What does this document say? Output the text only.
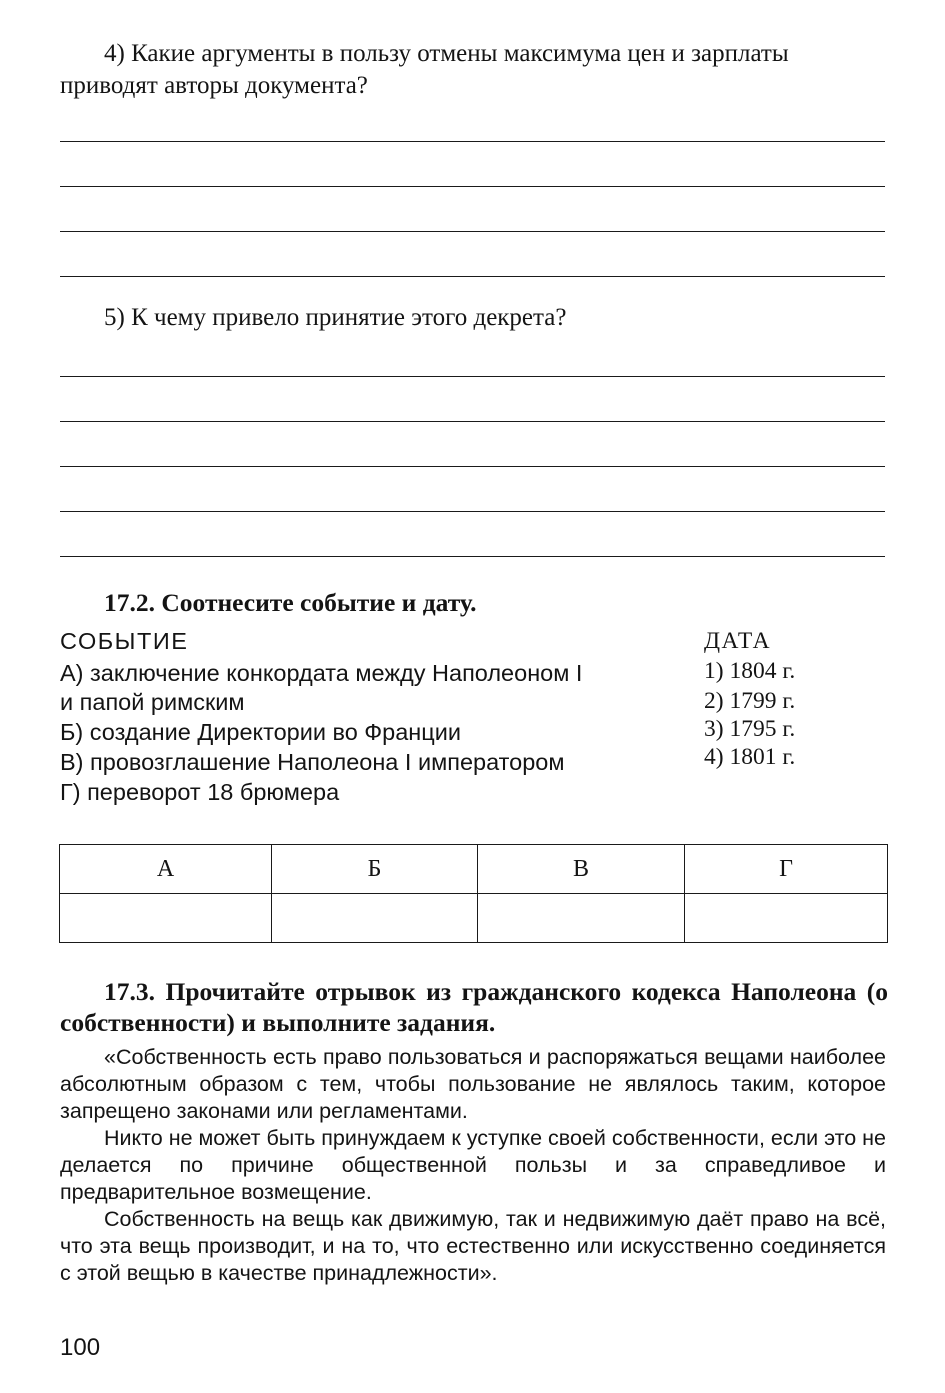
4) Какие аргументы в пользу отмены максимума цен и зарплаты приводят авторы документа?

5) К чему привело принятие этого декрета?

17.2. Соотнесите событие и дату.

СОБЫТИЕ

А) заключение конкордата между Наполеоном I

и папой римским

Б) создание Директории во Франции

В) провозглашение Наполеона I императором

Г) переворот 18 брюмера

ДАТА

1) 1804 г.

2) 1799 г.

3) 1795 г.

4) 1801 г.

А	Б	В	Г

17.3. Прочитайте отрывок из гражданского кодекса Наполеона (о собственности) и выполните задания.

«Собственность есть право пользоваться и распоряжаться вещами наиболее абсолютным образом с тем, чтобы пользование не являлось таким, которое запрещено законами или регламентами.

Никто не может быть принуждаем к уступке своей собственности, если это не делается по причине общественной пользы и за справедливое и предварительное возмещение.

Собственность на вещь как движимую, так и недвижимую даёт право на всё, что эта вещь производит, и на то, что естественно или искусственно соединяется с этой вещью в качестве принадлежности».

100
